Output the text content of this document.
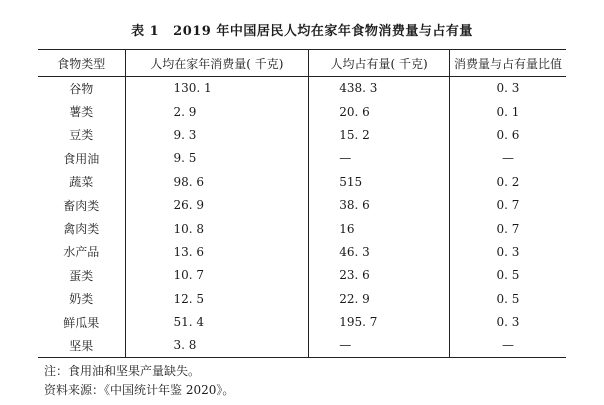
表 1 2019 年中国居民人均在家年食物消费量与占有量
食物类型	人均在家年消费量( 千克)	人均占有量( 千克)	消费量与占有量比值
谷物	130. 1	438. 3	0. 3
薯类	2. 9	20. 6	0. 1
豆类	9. 3	15. 2	0. 6
食用油	9. 5	—	—
蔬菜	98. 6	515	0. 2
畜肉类	26. 9	38. 6	0. 7
禽肉类	10. 8	16	0. 7
水产品	13. 6	46. 3	0. 3
蛋类	10. 7	23. 6	0. 5
奶类	12. 5	22. 9	0. 5
鲜瓜果	51. 4	195. 7	0. 3
坚果	3. 8	—	—
注：食用油和坚果产量缺失。
资料来源：《中国统计年鉴 2020》。
